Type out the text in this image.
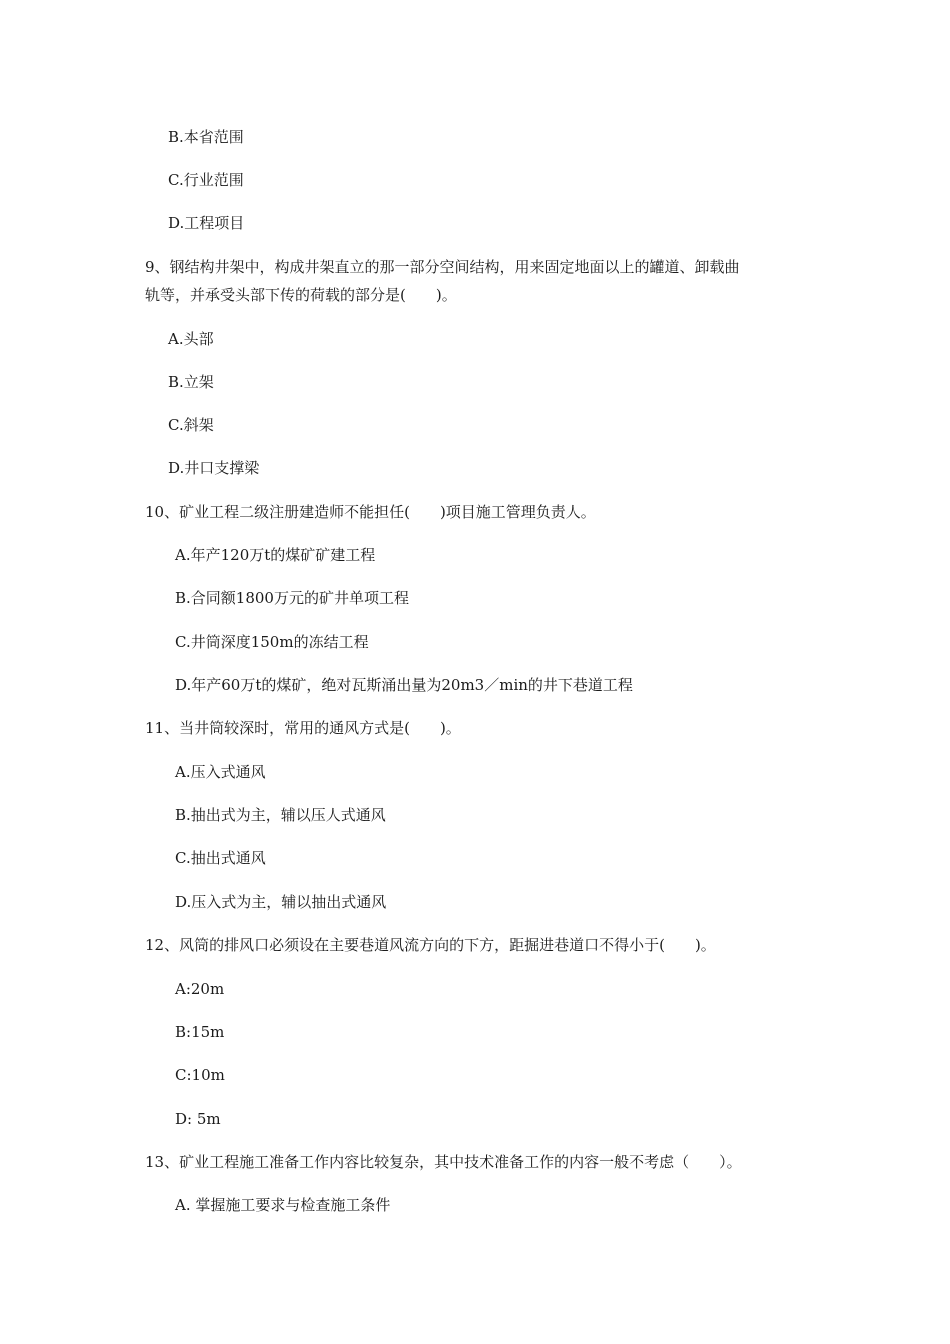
B.本省范围
C.行业范围
D.工程项目
9、钢结构井架中，构成井架直立的那一部分空间结构，用来固定地面以上的罐道、卸载曲
轨等，并承受头部下传的荷载的部分是(　　)。
A.头部
B.立架
C.斜架
D.井口支撑梁
10、矿业工程二级注册建造师不能担任(　　)项目施工管理负责人。
A.年产120万t的煤矿矿建工程
B.合同额1800万元的矿井单项工程
C.井筒深度150m的冻结工程
D.年产60万t的煤矿，绝对瓦斯涌出量为20m3／min的井下巷道工程
11、当井筒较深时，常用的通风方式是(　　)。
A.压入式通风
B.抽出式为主，辅以压人式通风
C.抽出式通风
D.压入式为主，辅以抽出式通风
12、风筒的排风口必须设在主要巷道风流方向的下方，距掘进巷道口不得小于(　　)。
A:20m
B:15m
C:10m
D: 5m
13、矿业工程施工准备工作内容比较复杂，其中技术准备工作的内容一般不考虑（　　）。
A. 掌握施工要求与检查施工条件
